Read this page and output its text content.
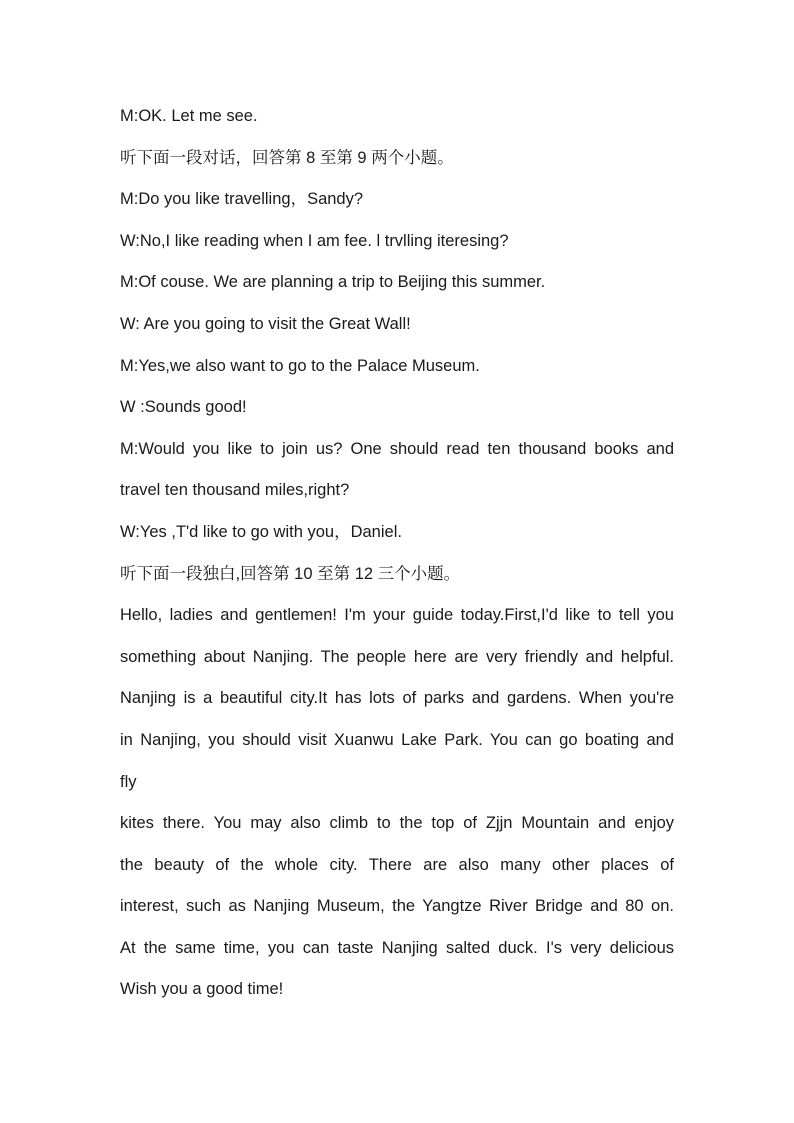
M:OK. Let me see.
听下面一段对话，回答第 8 至第 9 两个小题。
M:Do you like travelling，Sandy?
W:No,I like reading when I am fee. l trvlling iteresing?
M:Of couse. We are planning a trip to Beijing this summer.
W: Are you going to visit the Great Wall!
M:Yes,we also want to go to the Palace Museum.
W :Sounds good!
M:Would you like to join us? One should read ten thousand books and
travel ten thousand miles,right?
W:Yes ,T'd like to go with you，Daniel.
听下面一段独白,回答第 10 至第 12 三个小题。
Hello, ladies and gentlemen! I'm your guide today.First,I'd like to tell you
something about Nanjing. The people here are very friendly and helpful.
Nanjing is a beautiful city.It has lots of parks and gardens. When you're
in Nanjing, you should visit Xuanwu Lake Park. You can go boating and
fly
kites there. You may also climb to the top of Zjjn Mountain and enjoy
the beauty of the whole city. There are also many other places of
interest, such as Nanjing Museum, the Yangtze River Bridge and 80 on.
At the same time, you can taste Nanjing salted duck. I's very delicious
Wish you a good time!
